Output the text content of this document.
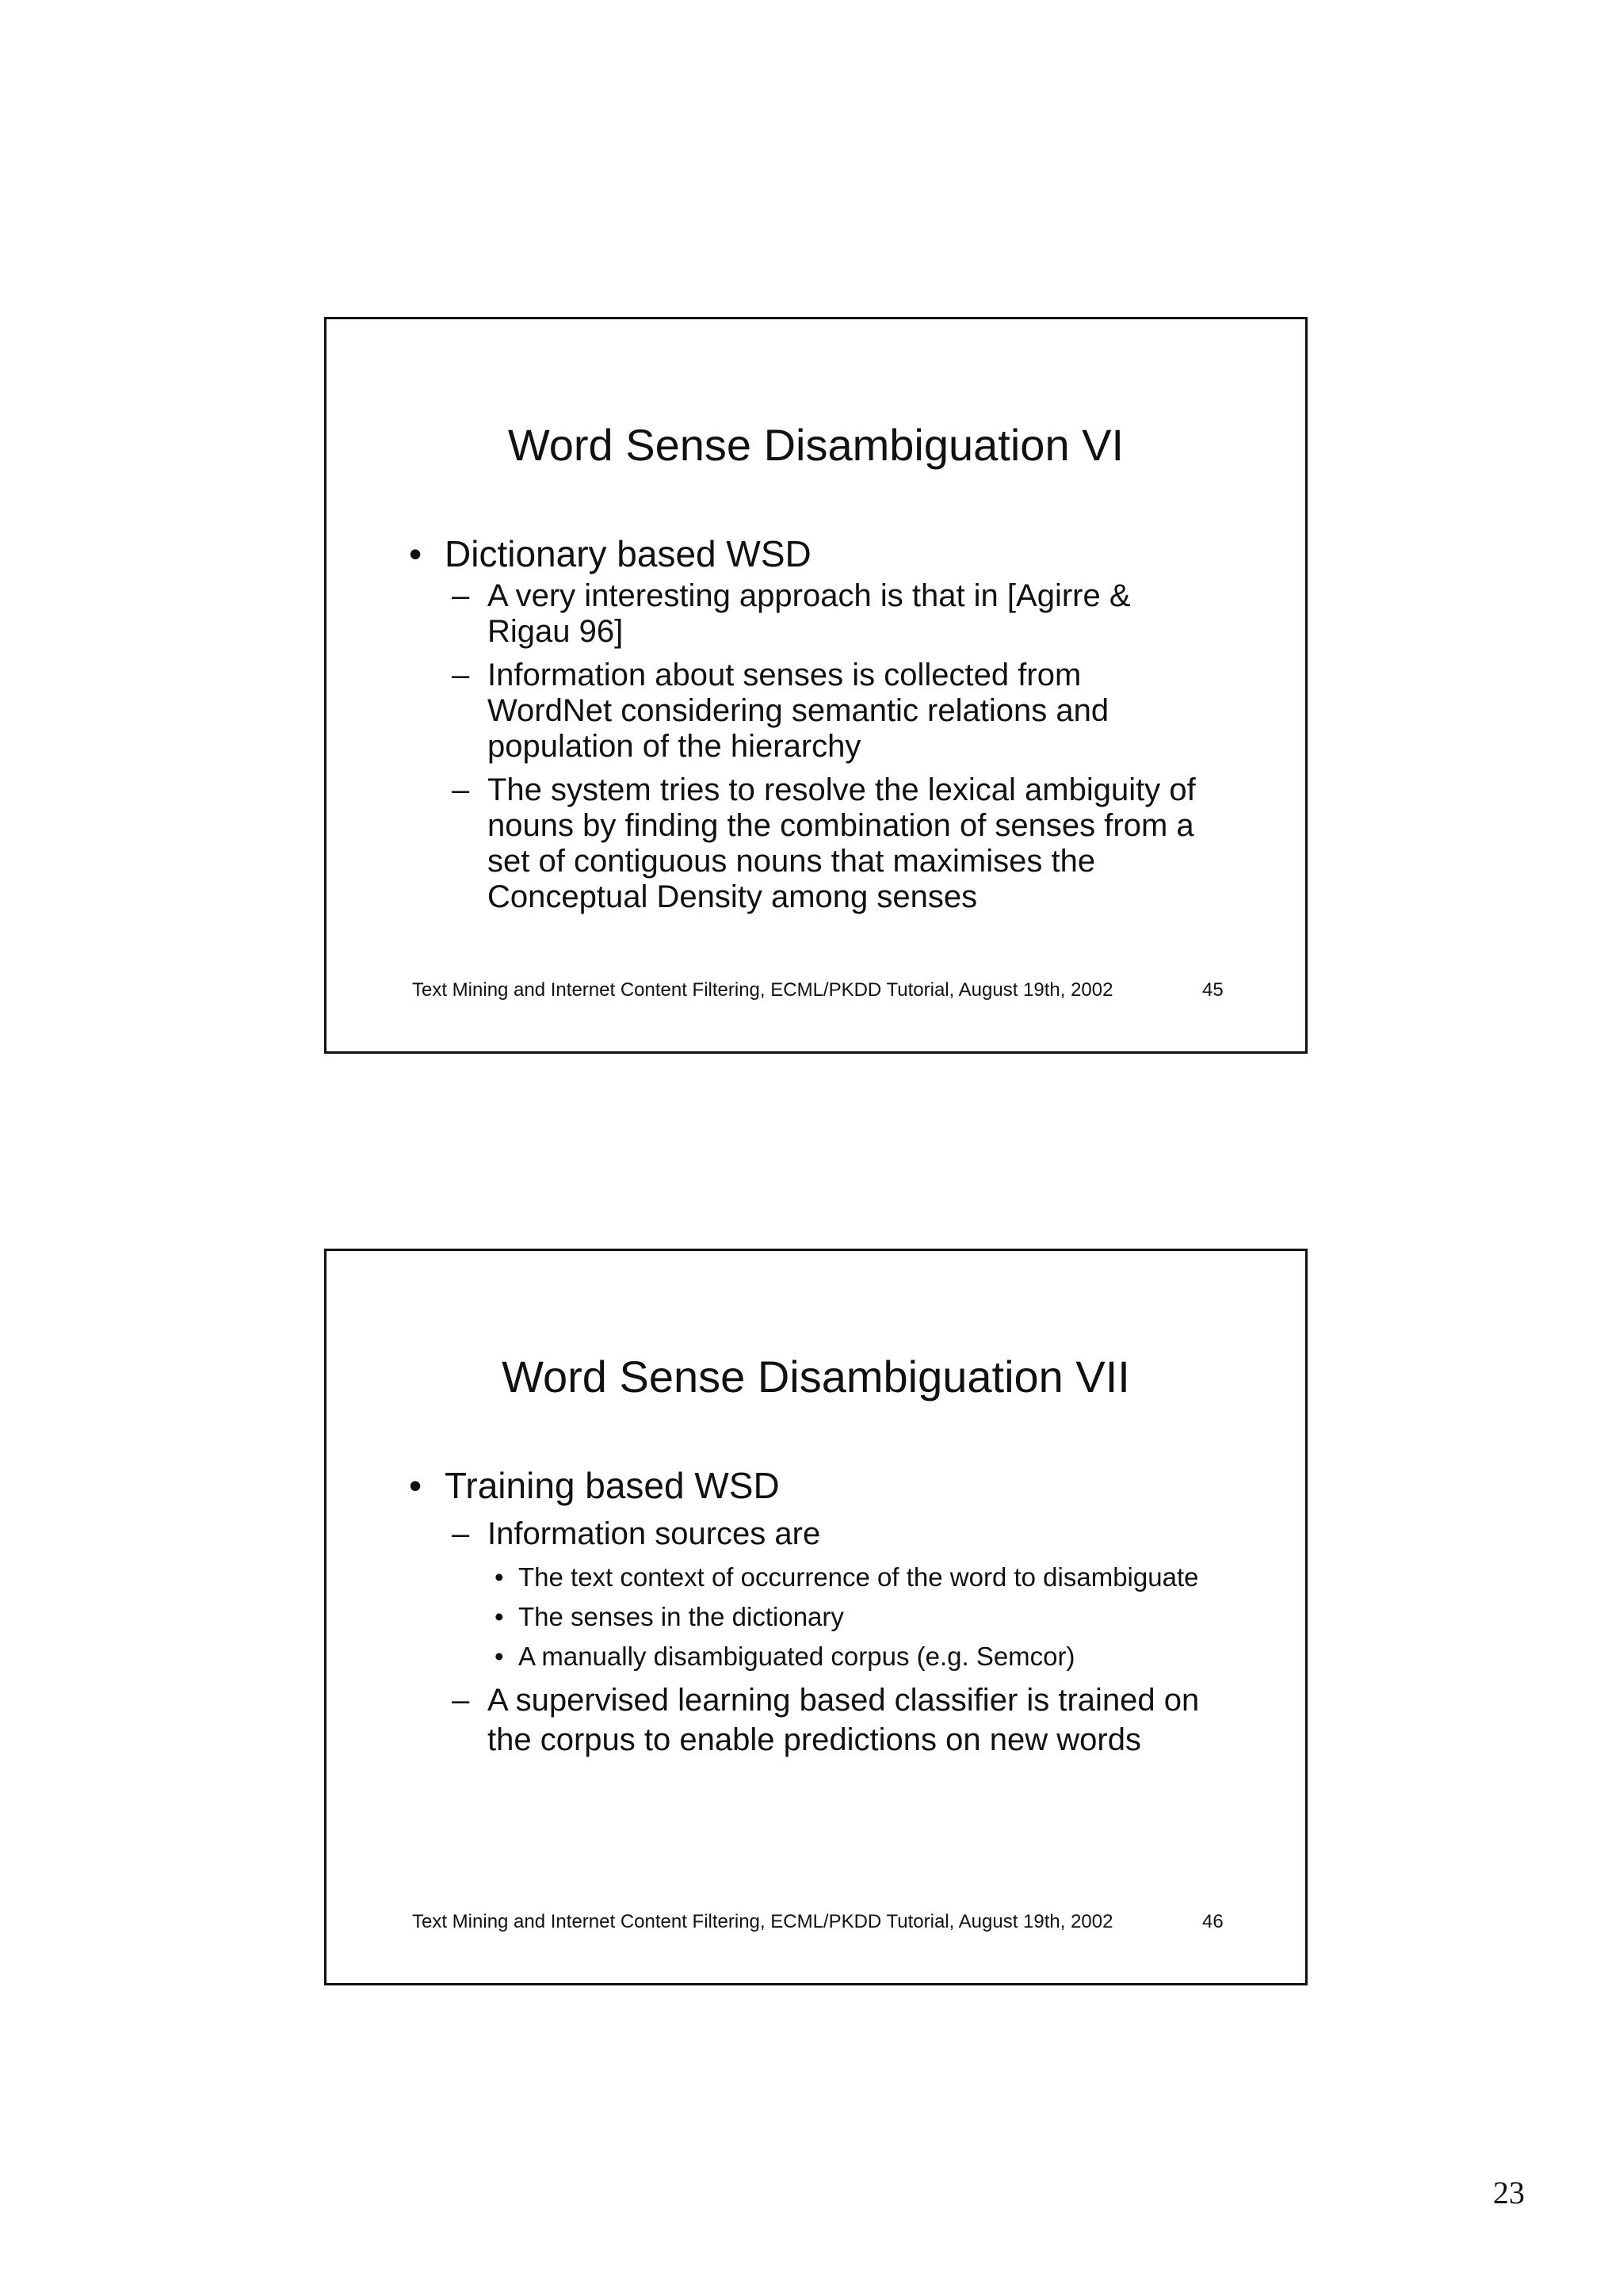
Word Sense Disambiguation VI
• Dictionary based WSD
– A very interesting approach is that in [Agirre & Rigau 96]
– Information about senses is collected from WordNet considering semantic relations and population of the hierarchy
– The system tries to resolve the lexical ambiguity of nouns by finding the combination of senses from a set of contiguous nouns that maximises the Conceptual Density among senses
Text Mining and Internet Content Filtering, ECML/PKDD Tutorial, August 19th, 2002	45
Word Sense Disambiguation VII
• Training based WSD
– Information sources are
• The text context of occurrence of the word to disambiguate
• The senses in the dictionary
• A manually disambiguated corpus (e.g. Semcor)
– A supervised learning based classifier is trained on the corpus to enable predictions on new words
Text Mining and Internet Content Filtering, ECML/PKDD Tutorial, August 19th, 2002	46
23
